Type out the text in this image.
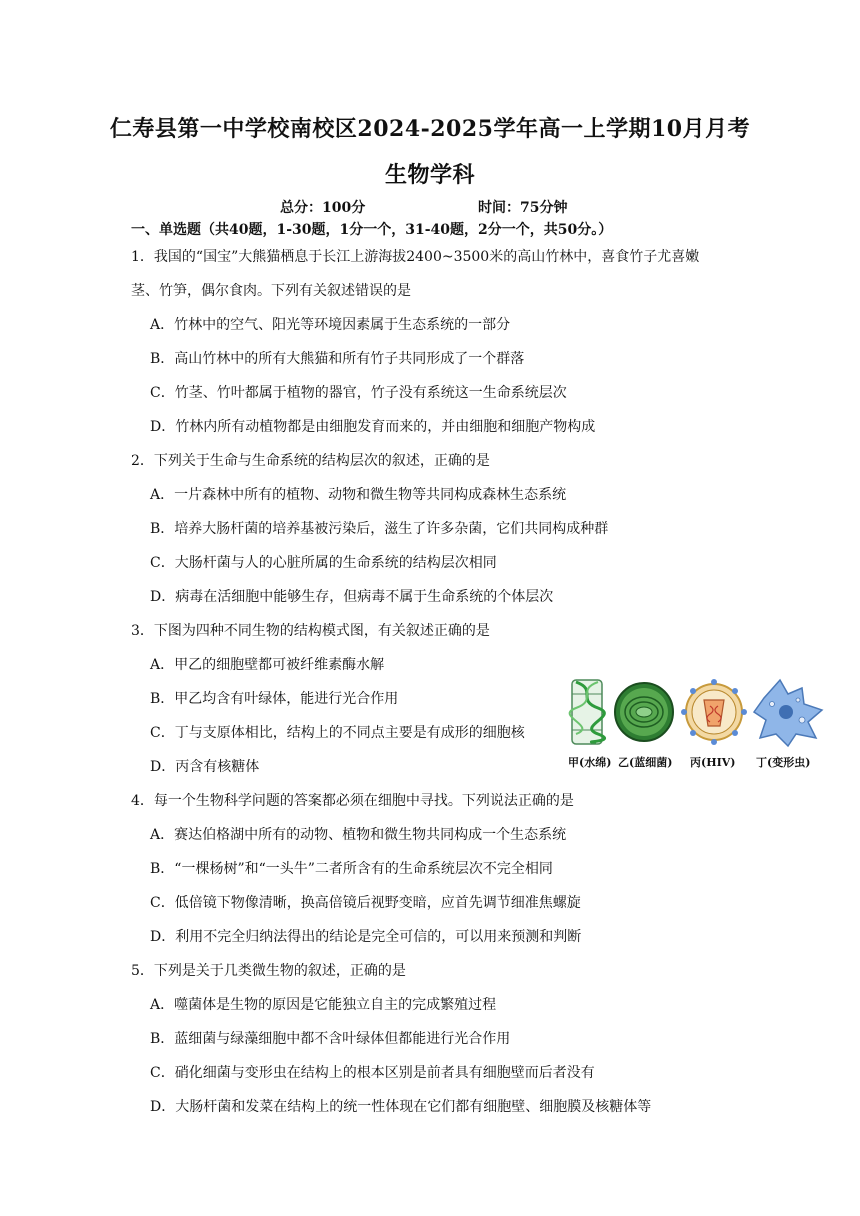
仁寿县第一中学校南校区2024-2025学年高一上学期10月月考
生物学科
总分：100分	时间：75分钟
一、单选题（共40题，1-30题，1分一个，31-40题，2分一个，共50分。）
1．我国的“国宝”大熊猫栖息于长江上游海拔2400~3500米的高山竹林中，喜食竹子尤喜嫩
茎、竹笋，偶尔食肉。下列有关叙述错误的是
A．竹林中的空气、阳光等环境因素属于生态系统的一部分
B．高山竹林中的所有大熊猫和所有竹子共同形成了一个群落
C．竹茎、竹叶都属于植物的器官，竹子没有系统这一生命系统层次
D．竹林内所有动植物都是由细胞发育而来的，并由细胞和细胞产物构成
2．下列关于生命与生命系统的结构层次的叙述，正确的是
A．一片森林中所有的植物、动物和微生物等共同构成森林生态系统
B．培养大肠杆菌的培养基被污染后，滋生了许多杂菌，它们共同构成种群
C．大肠杆菌与人的心脏所属的生命系统的结构层次相同
D．病毒在活细胞中能够生存，但病毒不属于生命系统的个体层次
3．下图为四种不同生物的结构模式图，有关叙述正确的是
A．甲乙的细胞壁都可被纤维素酶水解
B．甲乙均含有叶绿体，能进行光合作用
C．丁与支原体相比，结构上的不同点主要是有成形的细胞核
D．丙含有核糖体	甲(水绵) 乙(蓝细菌) 丙(HIV) 丁(变形虫)
4．每一个生物科学问题的答案都必须在细胞中寻找。下列说法正确的是
A．赛达伯格湖中所有的动物、植物和微生物共同构成一个生态系统
B．“一棵杨树”和“一头牛”二者所含有的生命系统层次不完全相同
C．低倍镜下物像清晰，换高倍镜后视野变暗，应首先调节细准焦螺旋
D．利用不完全归纳法得出的结论是完全可信的，可以用来预测和判断
5．下列是关于几类微生物的叙述，正确的是
A．噬菌体是生物的原因是它能独立自主的完成繁殖过程
B．蓝细菌与绿藻细胞中都不含叶绿体但都能进行光合作用
C．硝化细菌与变形虫在结构上的根本区别是前者具有细胞壁而后者没有
D．大肠杆菌和发菜在结构上的统一性体现在它们都有细胞壁、细胞膜及核糖体等
